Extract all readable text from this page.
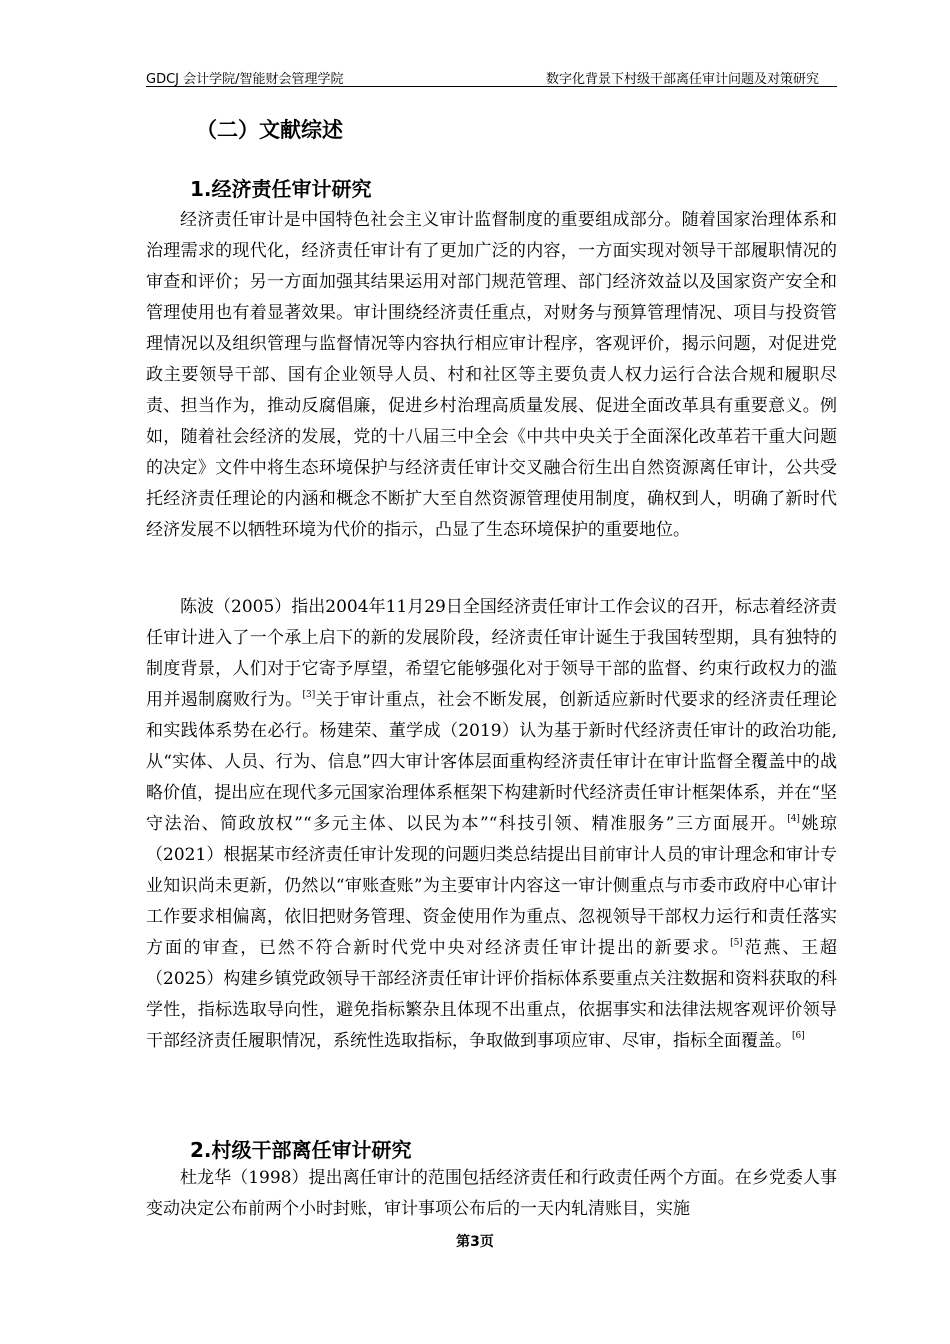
GDCJ 会计学院/智能财会管理学院	数字化背景下村级干部离任审计问题及对策研究
（二）文献综述
1.经济责任审计研究

经济责任审计是中国特色社会主义审计监督制度的重要组成部分。随着国家治理体系和治理需求的现代化，经济责任审计有了更加广泛的内容，一方面实现对领导干部履职情况的审查和评价；另一方面加强其结果运用对部门规范管理、部门经济效益以及国家资产安全和管理使用也有着显著效果。审计围绕经济责任重点，对财务与预算管理情况、项目与投资管理情况以及组织管理与监督情况等内容执行相应审计程序，客观评价，揭示问题，对促进党政主要领导干部、国有企业领导人员、村和社区等主要负责人权力运行合法合规和履职尽责、担当作为，推动反腐倡廉，促进乡村治理高质量发展、促进全面改革具有重要意义。例如，随着社会经济的发展，党的十八届三中全会《中共中央关于全面深化改革若干重大问题的决定》文件中将生态环境保护与经济责任审计交叉融合衍生出自然资源离任审计，公共受托经济责任理论的内涵和概念不断扩大至自然资源管理使用制度，确权到人，明确了新时代经济发展不以牺牲环境为代价的指示，凸显了生态环境保护的重要地位。

陈波（2005）指出2004年11月29日全国经济责任审计工作会议的召开，标志着经济责任审计进入了一个承上启下的新的发展阶段，经济责任审计诞生于我国转型期，具有独特的制度背景，人们对于它寄予厚望，希望它能够强化对于领导干部的监督、约束行政权力的滥用并遏制腐败行为。[3]关于审计重点，社会不断发展，创新适应新时代要求的经济责任理论和实践体系势在必行。杨建荣、董学成（2019）认为基于新时代经济责任审计的政治功能,从“实体、人员、行为、信息”四大审计客体层面重构经济责任审计在审计监督全覆盖中的战略价值，提出应在现代多元国家治理体系框架下构建新时代经济责任审计框架体系，并在“坚守法治、简政放权”“多元主体、以民为本”“科技引领、精准服务”三方面展开。[4]姚琼（2021）根据某市经济责任审计发现的问题归类总结提出目前审计人员的审计理念和审计专业知识尚未更新，仍然以“审账查账”为主要审计内容这一审计侧重点与市委市政府中心审计工作要求相偏离，依旧把财务管理、资金使用作为重点、忽视领导干部权力运行和责任落实方面的审查，已然不符合新时代党中央对经济责任审计提出的新要求。[5]范燕、王超（2025）构建乡镇党政领导干部经济责任审计评价指标体系要重点关注数据和资料获取的科学性，指标选取导向性，避免指标繁杂且体现不出重点，依据事实和法律法规客观评价领导干部经济责任履职情况，系统性选取指标，争取做到事项应审、尽审，指标全面覆盖。[6]

2.村级干部离任审计研究

杜龙华（1998）提出离任审计的范围包括经济责任和行政责任两个方面。在乡党委人事变动决定公布前两个小时封账，审计事项公布后的一天内轧清账目，实施

第3页
